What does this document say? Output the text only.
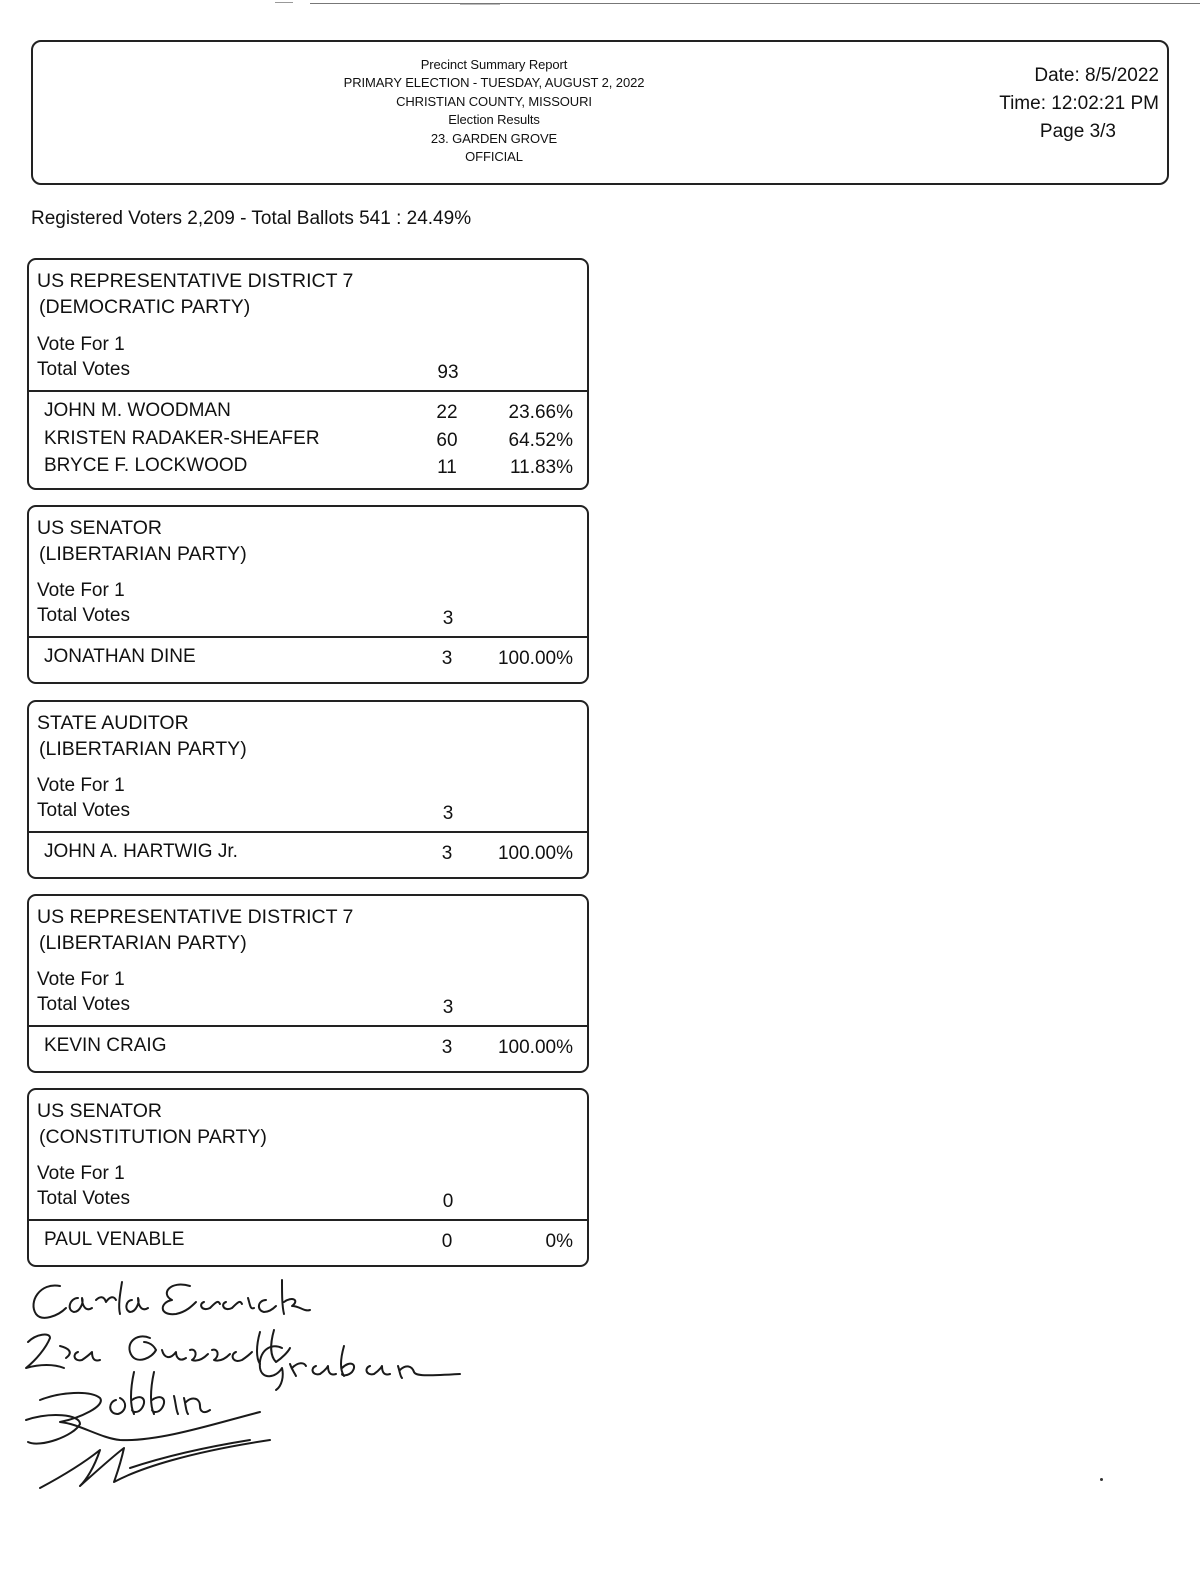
Precinct Summary Report
PRIMARY ELECTION - TUESDAY, AUGUST 2, 2022
CHRISTIAN COUNTY, MISSOURI
Election Results
23. GARDEN GROVE
OFFICIAL
Date: 8/5/2022
Time: 12:02:21 PM
Page 3/3
Registered Voters 2,209 - Total Ballots 541 : 24.49%
US REPRESENTATIVE DISTRICT 7
(DEMOCRATIC PARTY)
Vote For 1
Total Votes	93
JOHN M. WOODMAN	22	23.66%
KRISTEN RADAKER-SHEAFER	60	64.52%
BRYCE F. LOCKWOOD	11	11.83%
US SENATOR
(LIBERTARIAN PARTY)
Vote For 1
Total Votes	3
JONATHAN DINE	3	100.00%
STATE AUDITOR
(LIBERTARIAN PARTY)
Vote For 1
Total Votes	3
JOHN A. HARTWIG Jr.	3	100.00%
US REPRESENTATIVE DISTRICT 7
(LIBERTARIAN PARTY)
Vote For 1
Total Votes	3
KEVIN CRAIG	3	100.00%
US SENATOR
(CONSTITUTION PARTY)
Vote For 1
Total Votes	0
PAUL VENABLE	0	0%
